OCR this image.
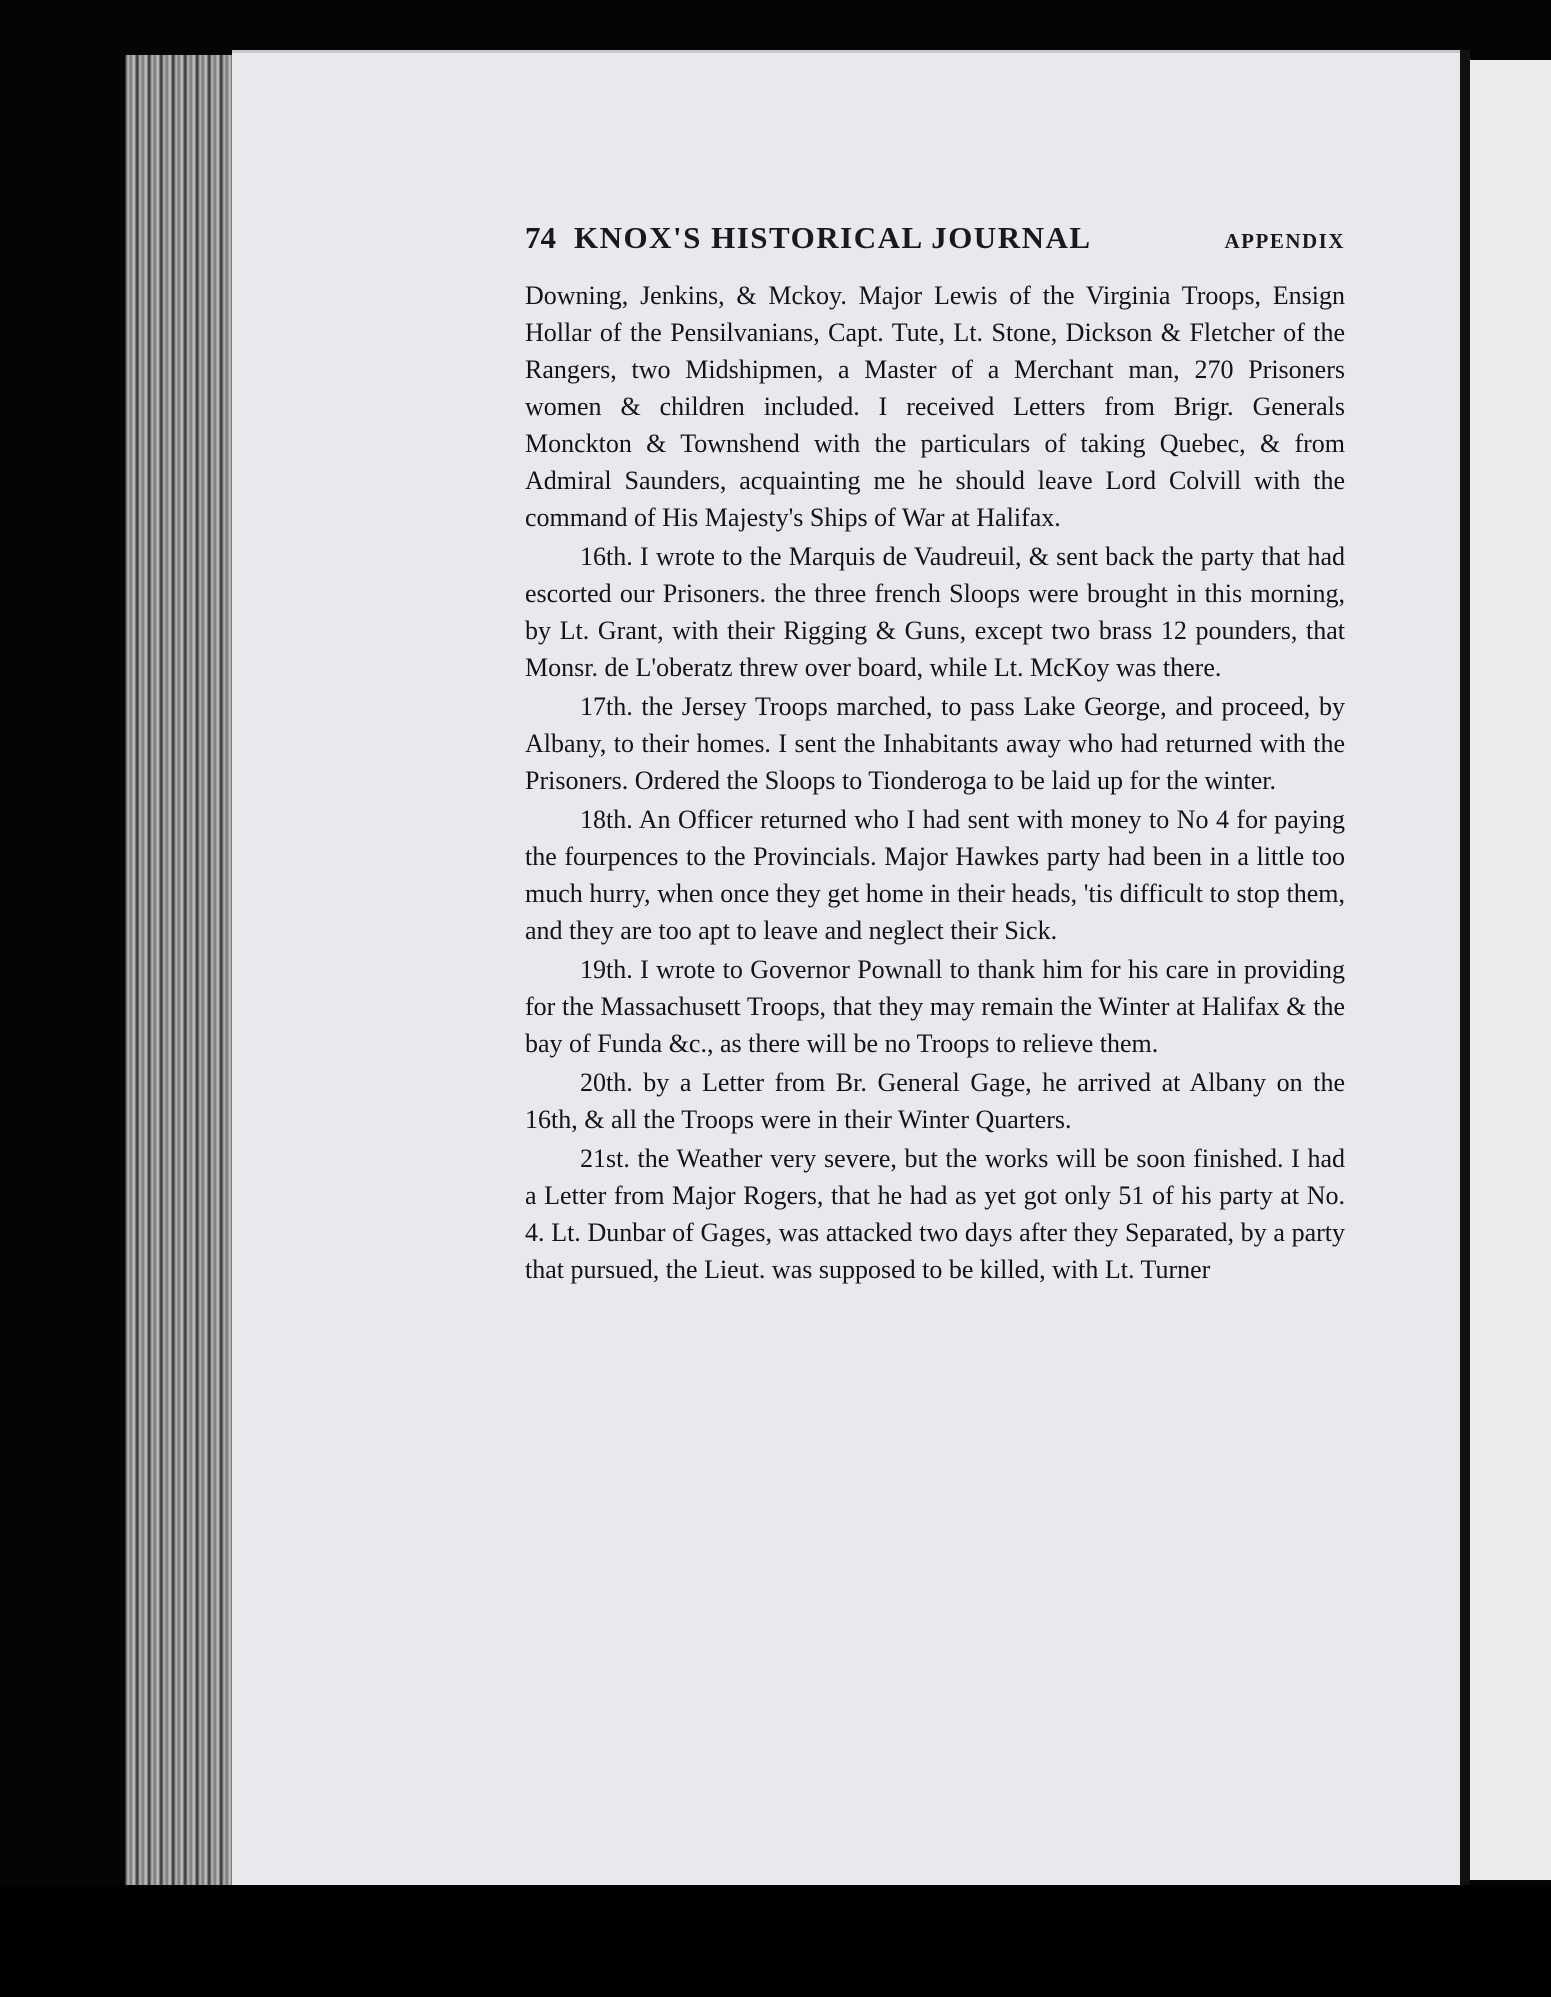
74 KNOX'S HISTORICAL JOURNAL	APPENDIX

Downing, Jenkins, & Mckoy. Major Lewis of the Virginia Troops, Ensign Hollar of the Pensilvanians, Capt. Tute, Lt. Stone, Dickson & Fletcher of the Rangers, two Midshipmen, a Master of a Merchant man, 270 Prisoners women & children included. I received Letters from Brigr. Generals Monckton & Townshend with the particulars of taking Quebec, & from Admiral Saunders, acquainting me he should leave Lord Colvill with the command of His Majesty's Ships of War at Halifax.

16th. I wrote to the Marquis de Vaudreuil, & sent back the party that had escorted our Prisoners. the three french Sloops were brought in this morning, by Lt. Grant, with their Rigging & Guns, except two brass 12 pounders, that Monsr. de L'oberatz threw over board, while Lt. McKoy was there.

17th. the Jersey Troops marched, to pass Lake George, and proceed, by Albany, to their homes. I sent the Inhabitants away who had returned with the Prisoners. Ordered the Sloops to Tionderoga to be laid up for the winter.

18th. An Officer returned who I had sent with money to No 4 for paying the fourpences to the Provincials. Major Hawkes party had been in a little too much hurry, when once they get home in their heads, 'tis difficult to stop them, and they are too apt to leave and neglect their Sick.

19th. I wrote to Governor Pownall to thank him for his care in providing for the Massachusett Troops, that they may remain the Winter at Halifax & the bay of Funda &c., as there will be no Troops to relieve them.

20th. by a Letter from Br. General Gage, he arrived at Albany on the 16th, & all the Troops were in their Winter Quarters.

21st. the Weather very severe, but the works will be soon finished. I had a Letter from Major Rogers, that he had as yet got only 51 of his party at No. 4. Lt. Dunbar of Gages, was attacked two days after they Separated, by a party that pursued, the Lieut. was supposed to be killed, with Lt. Turner
